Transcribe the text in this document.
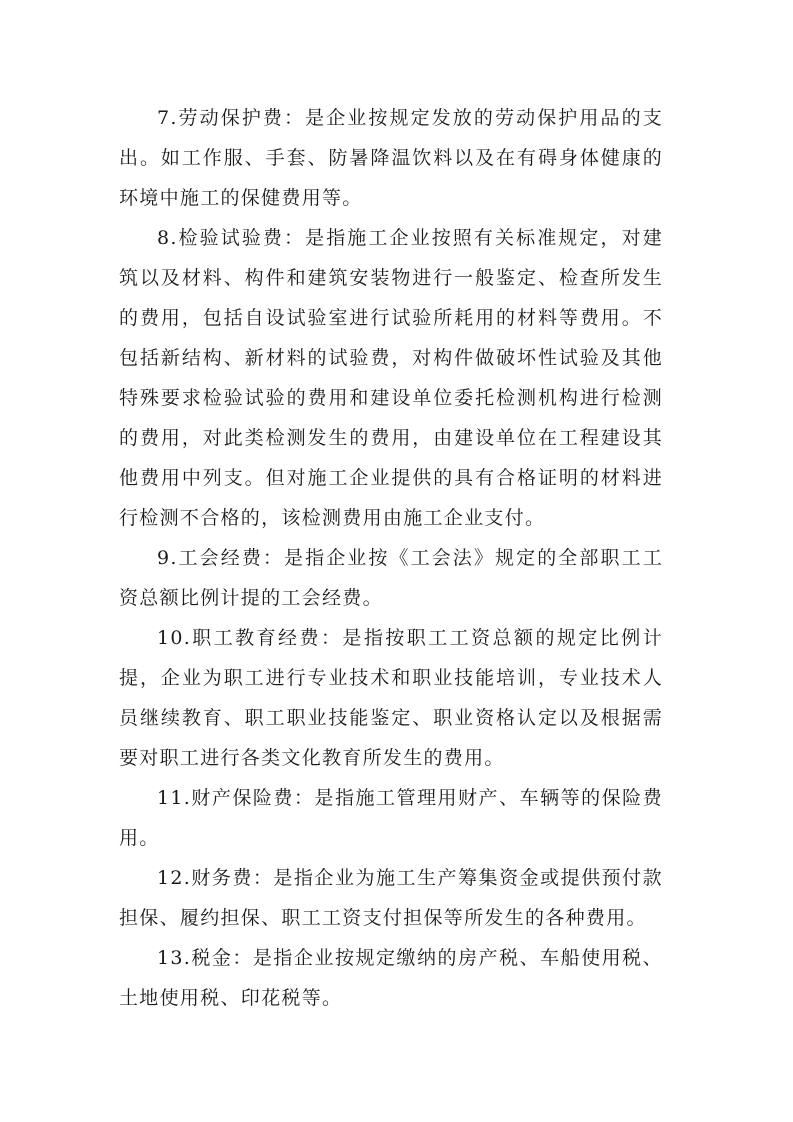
7.劳动保护费：是企业按规定发放的劳动保护用品的支出。如工作服、手套、防暑降温饮料以及在有碍身体健康的环境中施工的保健费用等。

8.检验试验费：是指施工企业按照有关标准规定，对建筑以及材料、构件和建筑安装物进行一般鉴定、检查所发生的费用，包括自设试验室进行试验所耗用的材料等费用。不包括新结构、新材料的试验费，对构件做破坏性试验及其他特殊要求检验试验的费用和建设单位委托检测机构进行检测的费用，对此类检测发生的费用，由建设单位在工程建设其他费用中列支。但对施工企业提供的具有合格证明的材料进行检测不合格的，该检测费用由施工企业支付。

9.工会经费：是指企业按《工会法》规定的全部职工工资总额比例计提的工会经费。

10.职工教育经费：是指按职工工资总额的规定比例计提，企业为职工进行专业技术和职业技能培训，专业技术人员继续教育、职工职业技能鉴定、职业资格认定以及根据需要对职工进行各类文化教育所发生的费用。

11.财产保险费：是指施工管理用财产、车辆等的保险费用。

12.财务费：是指企业为施工生产筹集资金或提供预付款担保、履约担保、职工工资支付担保等所发生的各种费用。

13.税金：是指企业按规定缴纳的房产税、车船使用税、土地使用税、印花税等。
